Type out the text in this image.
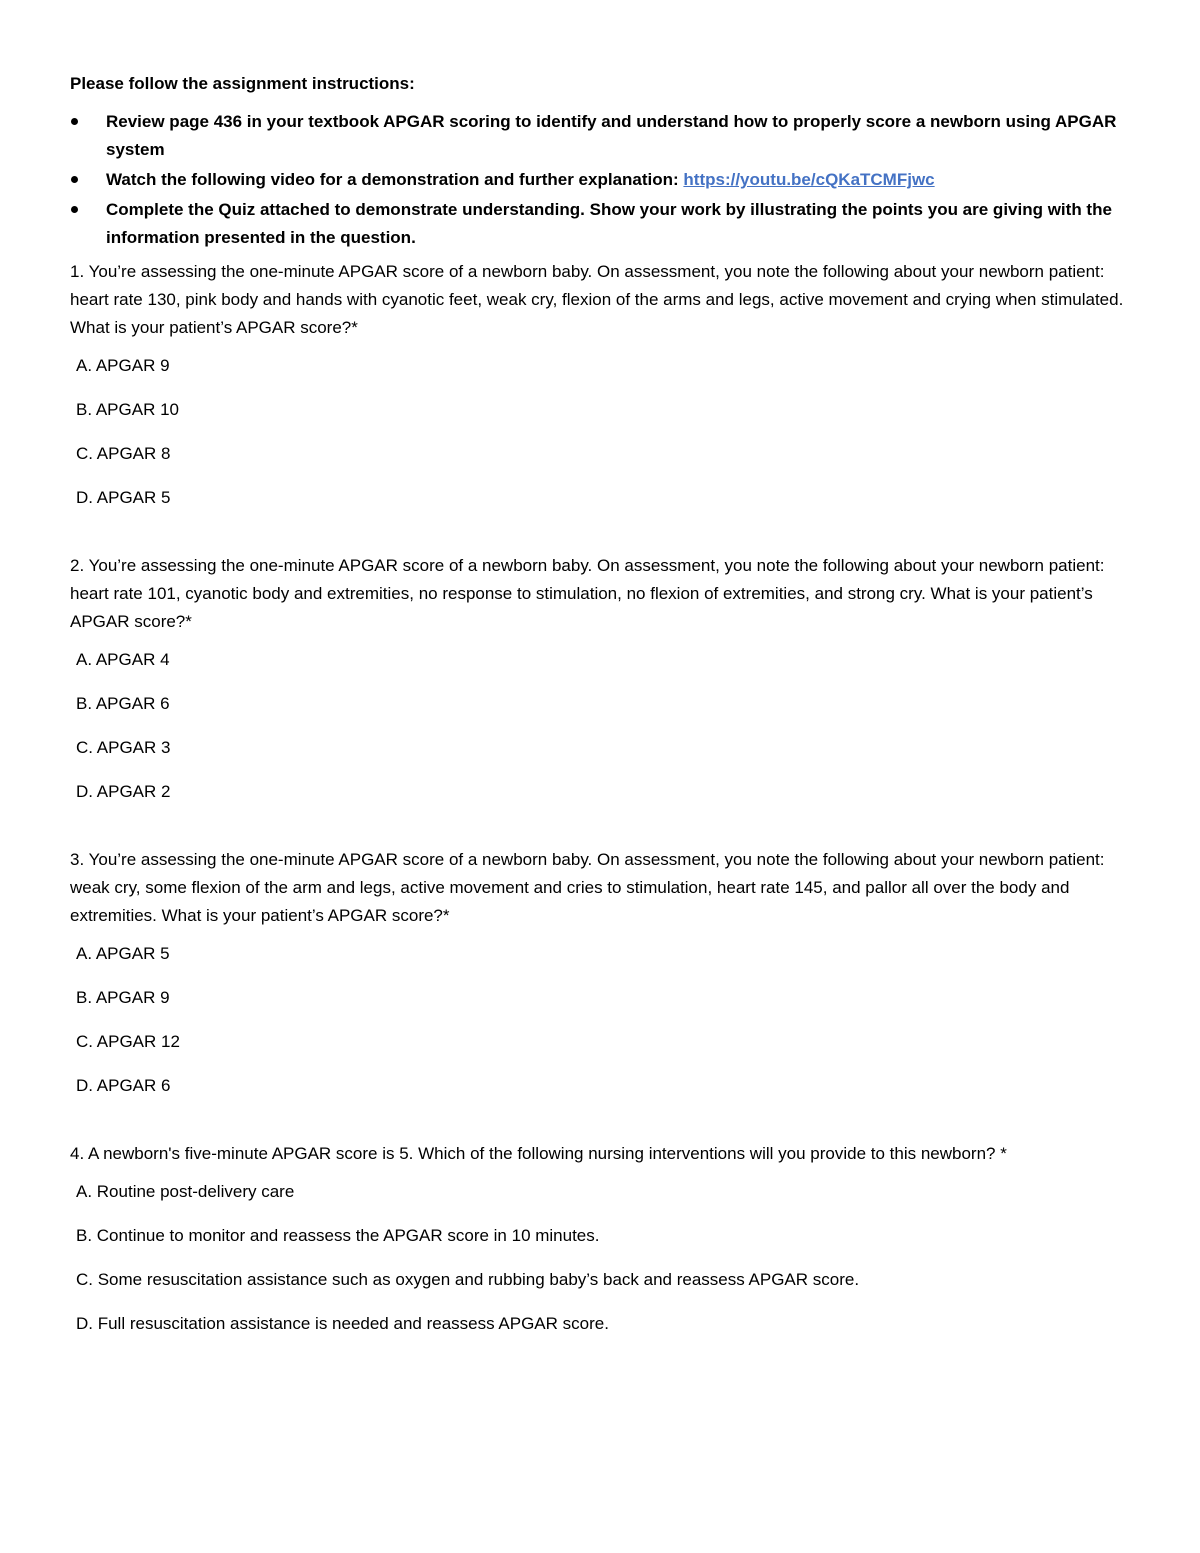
Please follow the assignment instructions:

Review page 436 in your textbook APGAR scoring to identify and understand how to properly score a newborn using APGAR system
Watch the following video for a demonstration and further explanation: https://youtu.be/cQKaTCMFjwc
Complete the Quiz attached to demonstrate understanding. Show your work by illustrating the points you are giving with the information presented in the question.

1. You’re assessing the one-minute APGAR score of a newborn baby. On assessment, you note the following about your newborn patient: heart rate 130, pink body and hands with cyanotic feet, weak cry, flexion of the arms and legs, active movement and crying when stimulated. What is your patient’s APGAR score?*

A. APGAR 9
B. APGAR 10
C. APGAR 8
D. APGAR 5

2. You’re assessing the one-minute APGAR score of a newborn baby. On assessment, you note the following about your newborn patient: heart rate 101, cyanotic body and extremities, no response to stimulation, no flexion of extremities, and strong cry. What is your patient’s APGAR score?*

A. APGAR 4
B. APGAR 6
C. APGAR 3
D. APGAR 2

3. You’re assessing the one-minute APGAR score of a newborn baby. On assessment, you note the following about your newborn patient: weak cry, some flexion of the arm and legs, active movement and cries to stimulation, heart rate 145, and pallor all over the body and extremities. What is your patient’s APGAR score?*

A. APGAR 5
B. APGAR 9
C. APGAR 12
D. APGAR 6

4. A newborn's five-minute APGAR score is 5. Which of the following nursing interventions will you provide to this newborn? *

A. Routine post-delivery care
B. Continue to monitor and reassess the APGAR score in 10 minutes.
C. Some resuscitation assistance such as oxygen and rubbing baby’s back and reassess APGAR score.
D. Full resuscitation assistance is needed and reassess APGAR score.
